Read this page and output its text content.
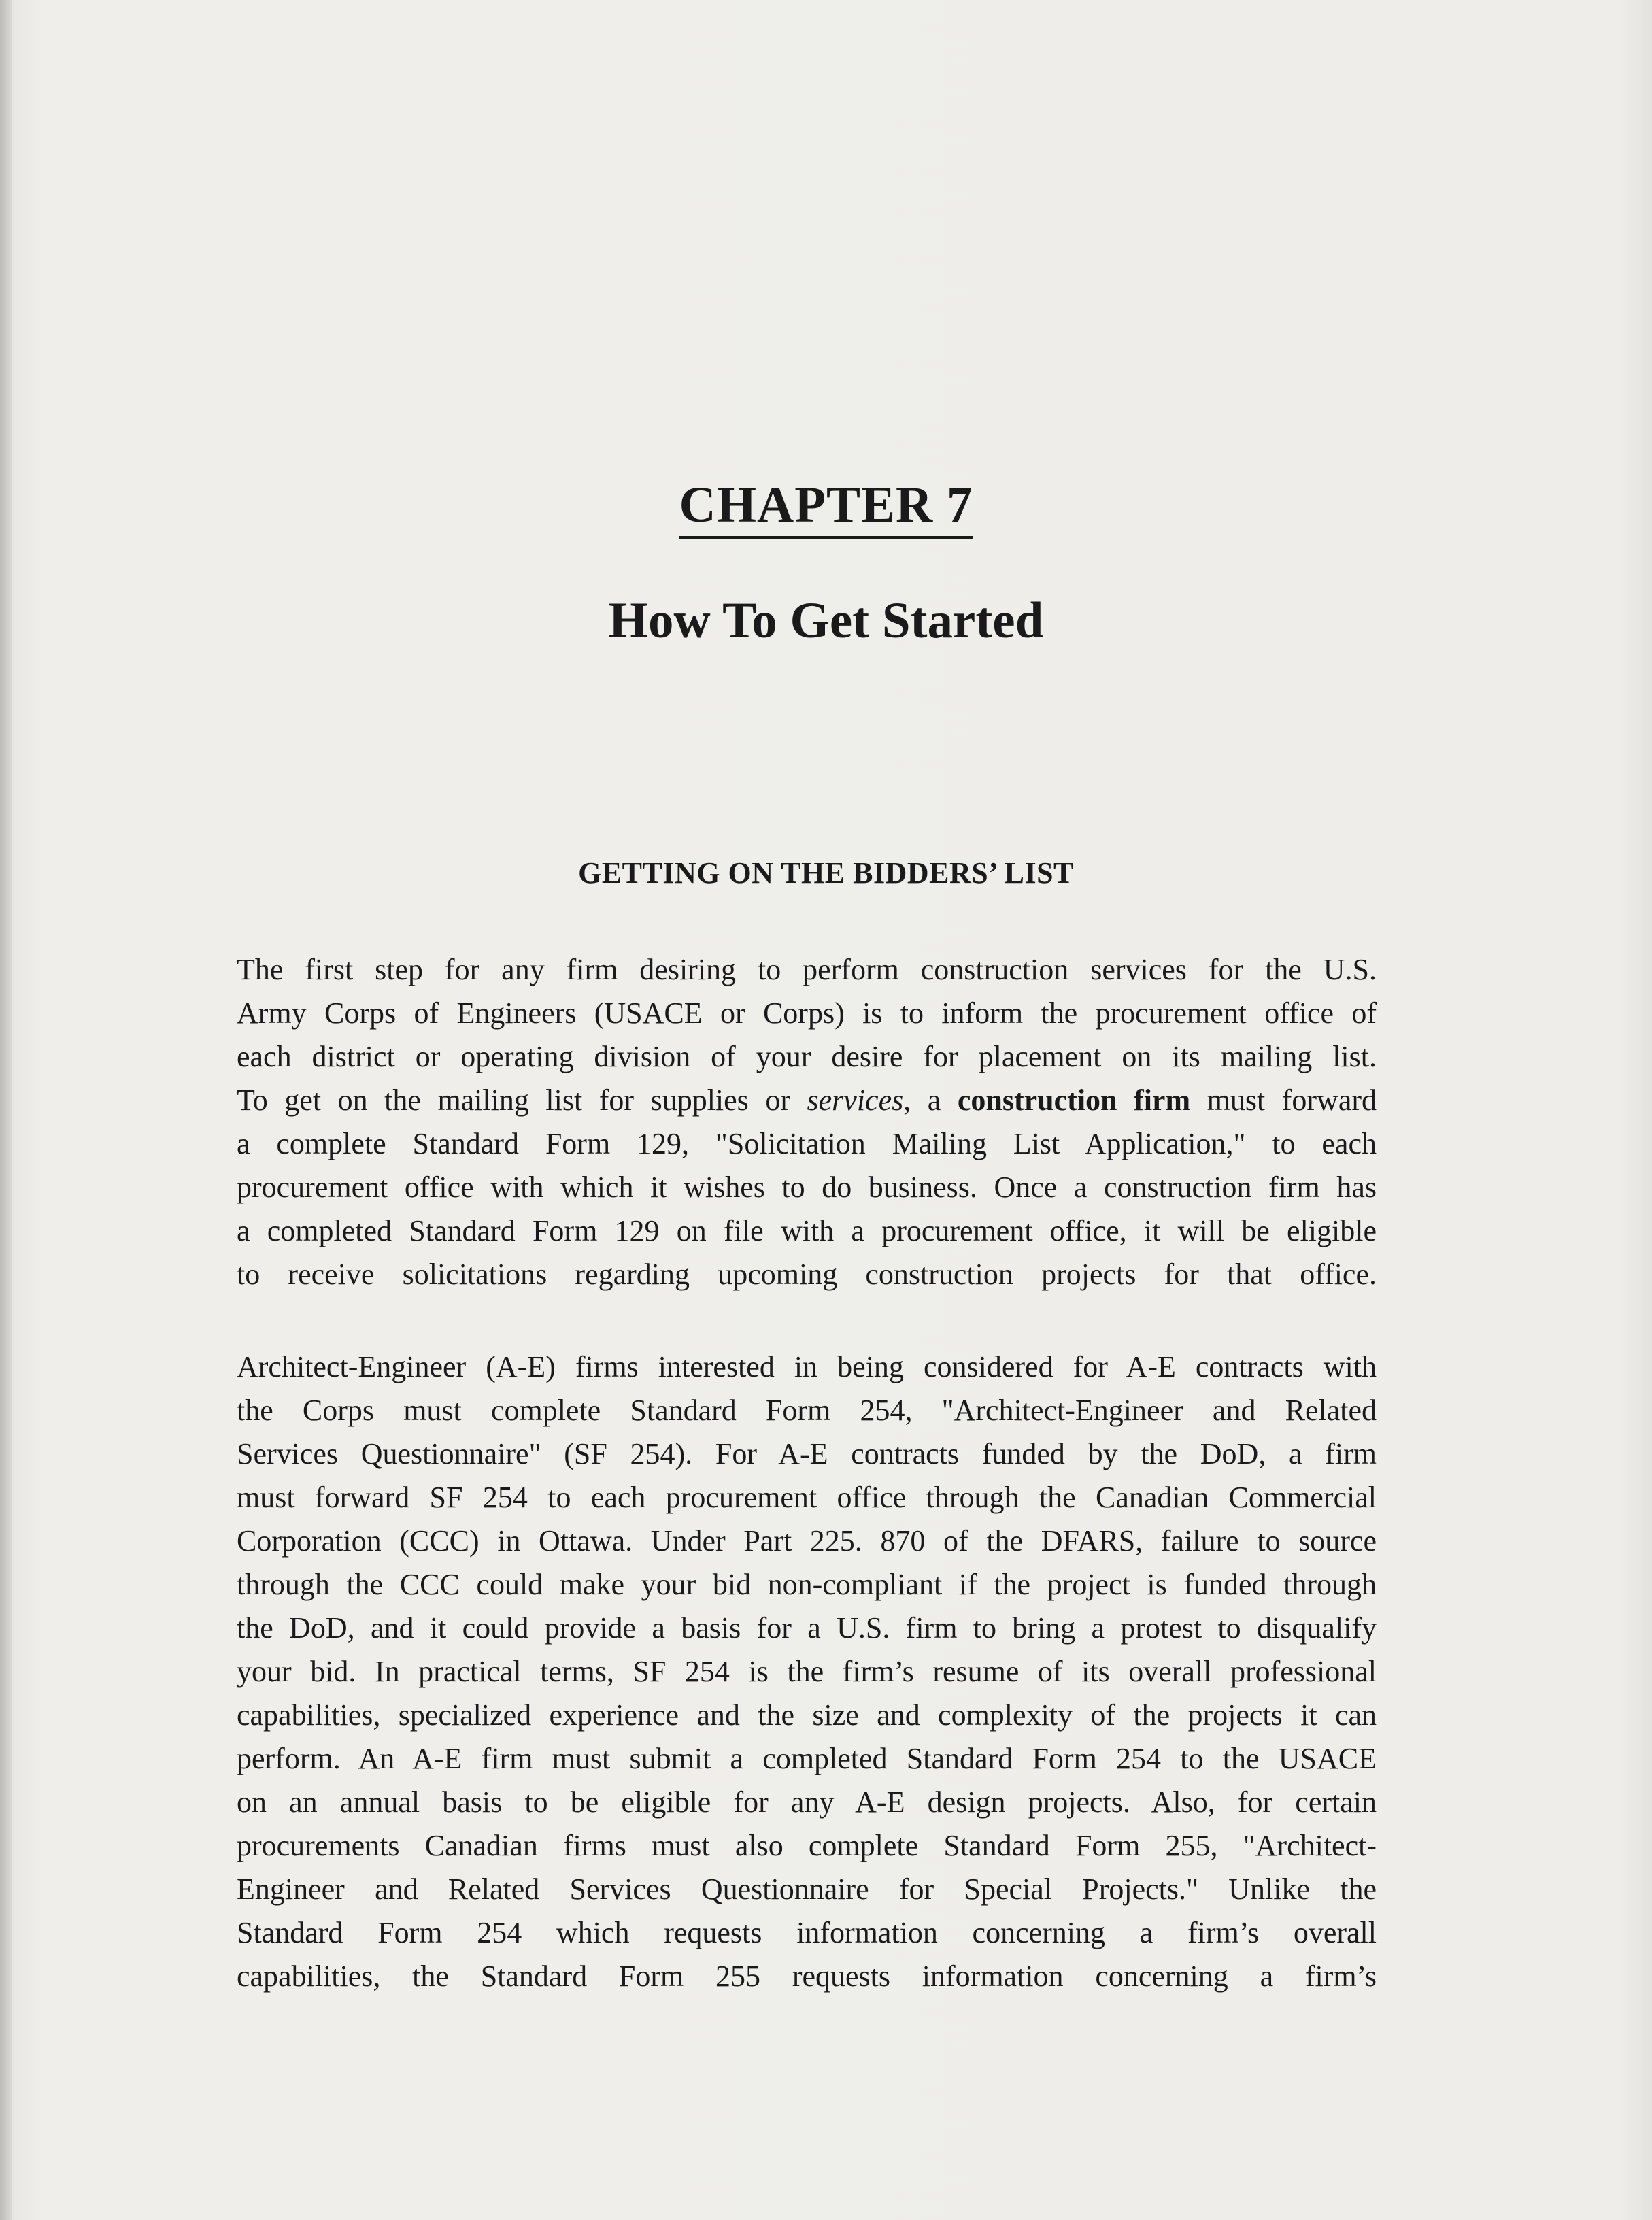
CHAPTER 7
How To Get Started
GETTING ON THE BIDDERS’ LIST
The first step for any firm desiring to perform construction services for the U.S.
Army Corps of Engineers (USACE or Corps) is to inform the procurement office of
each district or operating division of your desire for placement on its mailing list.
To get on the mailing list for supplies or services, a construction firm must forward
a complete Standard Form 129, "Solicitation Mailing List Application," to each
procurement office with which it wishes to do business. Once a construction firm has
a completed Standard Form 129 on file with a procurement office, it will be eligible
to receive solicitations regarding upcoming construction projects for that office.
Architect-Engineer (A-E) firms interested in being considered for A-E contracts with
the Corps must complete Standard Form 254, "Architect-Engineer and Related
Services Questionnaire" (SF 254). For A-E contracts funded by the DoD, a firm
must forward SF 254 to each procurement office through the Canadian Commercial
Corporation (CCC) in Ottawa. Under Part 225. 870 of the DFARS, failure to source
through the CCC could make your bid non-compliant if the project is funded through
the DoD, and it could provide a basis for a U.S. firm to bring a protest to disqualify
your bid. In practical terms, SF 254 is the firm’s resume of its overall professional
capabilities, specialized experience and the size and complexity of the projects it can
perform. An A-E firm must submit a completed Standard Form 254 to the USACE
on an annual basis to be eligible for any A-E design projects. Also, for certain
procurements Canadian firms must also complete Standard Form 255, "Architect-
Engineer and Related Services Questionnaire for Special Projects." Unlike the
Standard Form 254 which requests information concerning a firm’s overall
capabilities, the Standard Form 255 requests information concerning a firm’s
